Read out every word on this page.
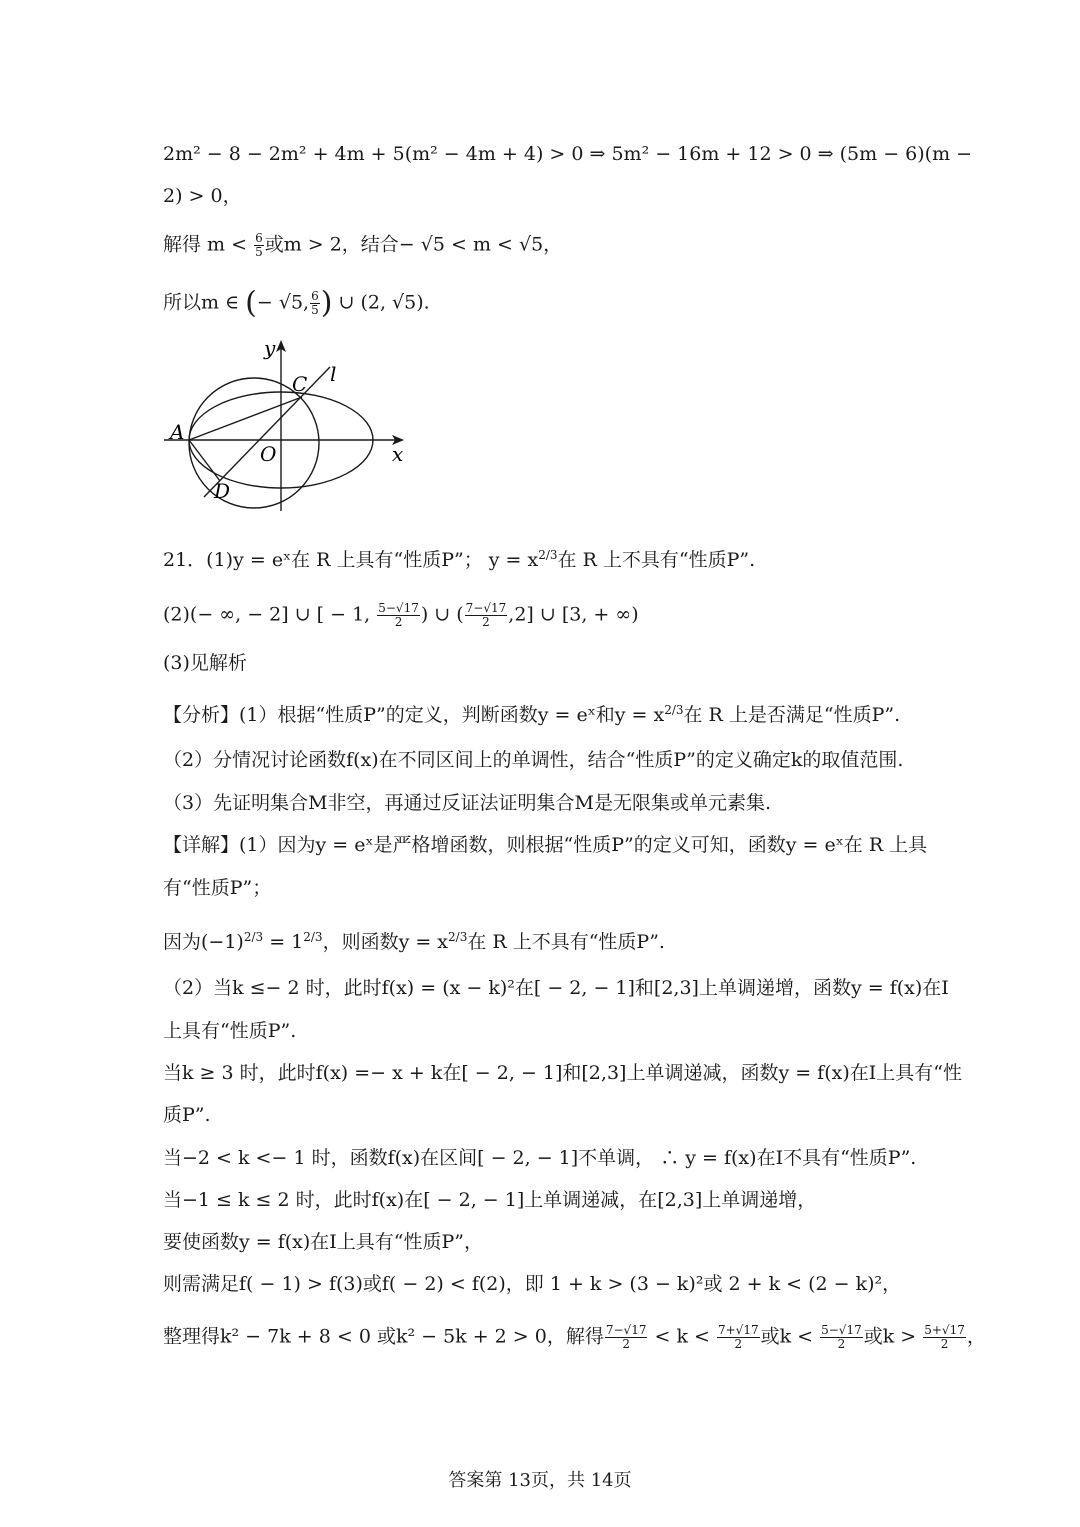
2m² − 8 − 2m² + 4m + 5(m² − 4m + 4) > 0 ⇒ 5m² − 16m + 12 > 0 ⇒ (5m − 6)(m −
2) > 0，
解得 $m < \frac{6}{5}$ 或m > 2，结合− √5 < m < √5，
所以m ∈ (− √5, $\frac{6}{5}$ ) ∪ (2, √5).
y
x
l
A
C
O
D
21．(1)y = eˣ在 R 上具有“性质P”； $y = x^{2/3}$在 R 上不具有“性质P”.
(2)(− ∞, − 2] ∪ [ − 1, $\frac{5-√17}{2}$ ) ∪ ( $\frac{7-√17}{2} ,2$] ∪ [3, + ∞)
(3)见解析
【分析】(1）根据“性质P”的定义，判断函数y = eˣ和$y = x^{2/3}$在 R 上是否满足“性质P”.
（2）分情况讨论函数f(x)在不同区间上的单调性，结合“性质P”的定义确定k的取值范围.
（3）先证明集合M非空，再通过反证法证明集合M是无限集或单元素集.
【详解】(1）因为y = eˣ是严格增函数，则根据“性质P”的定义可知，函数y = eˣ在 R 上具
有“性质P”；
因为$(-1)^{2/3} = 1^{2/3}$，则函数$y = x^{2/3}$在 R 上不具有“性质P”.
（2）当k ≤− 2 时，此时f(x) = (x − k)²在[ − 2, − 1]和[2,3]上单调递增，函数y = f(x)在I
上具有“性质P”.
当k ≥ 3 时，此时f(x) =− x + k在[ − 2, − 1]和[2,3]上单调递减，函数y = f(x)在I上具有“性
质P”.
当−2 < k <− 1 时，函数f(x)在区间[ − 2, − 1]不单调， ∴ y = f(x)在I不具有“性质P”.
当−1 ≤ k ≤ 2 时，此时f(x)在[ − 2, − 1]上单调递减，在[2,3]上单调递增，
要使函数y = f(x)在I上具有“性质P”，
则需满足f( − 1) > f(3)或f( − 2) < f(2)，即 1 + k > (3 − k)²或 2 + k < (2 − k)²，
整理得k² − 7k + 8 < 0 或k² − 5k + 2 > 0，解得 $\frac{7-√17}{2} < k < \frac{7+√17}{2}$ 或$k < \frac{5-√17}{2}$ 或$k > \frac{5+√17}{2}$ ，
答案第 13页，共 14页
